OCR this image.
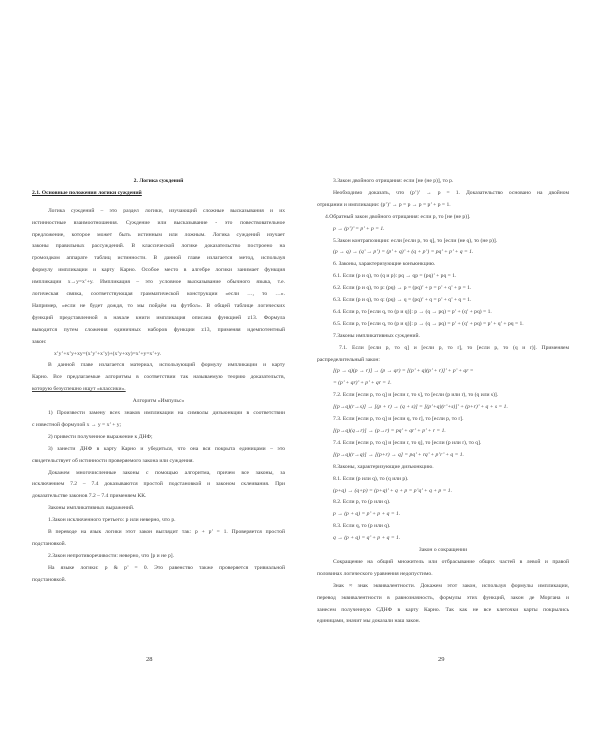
2. Логика суждений
2.1. Основные положения логики суждений
Логика суждений – это раздел логики, изучающий сложные высказывания и их
истинностные взаимоотношения. Суждение или высказывание - это повествовательное
предложение, которое может быть истинным или ложным. Логика суждений изучает
законы правильных рассуждений. В классической логике доказательство построено на
громоздком аппарате таблиц истинности. В данной главе излагается метод, используя
формулу импликации и карту Карно. Особое место в алгебре логики занимает функция
импликации x→y=x’+y. Импликация – это условное высказывание обычного языка, т.е.
логическая связка, соответствующая грамматической конструкции «если …, то …».
Например, «если не будет дождя, то мы пойдём на футбол». В общей таблице логических
функций представленной в начале книги импликация описана функцией z13. Формула
выводится путем сложения единичных наборов функции z13, применяя идемпотентный
закон:
x’y’+x’y+xy=(x’y’+x’y)+(x’y+xy)=x’+y=x’+y.
В данной главе излагается материал, использующий формулу импликации и карту
Карно. Все предлагаемые алгоритмы в соответствии так называемую теорию доказательств,
которую безуспешно ищут «классики».
Алгоритм «Импульс»
1) Произвести замену всех знаков импликации на символы дизъюнкции в соответствии
с известной формулой x → y = x’ + y;
2) привести полученное выражение к ДНФ;
3) занести ДНФ в карту Карно и убедиться, что она вся покрыта единицами – это
свидетельствует об истинности проверяемого закона или суждения.
Докажем многочисленные законы с помощью алгоритма, причем все законы, за
исключением 7.2 – 7.4 доказываются простой подстановкой и законом склеивания. При
доказательстве законов 7.2 – 7.4 применяем КК.
Законы импликативных выражений.
1.Закон исключенного третьего: p или неверно, что p.
В переводе на язык логики этот закон выглядит так: p + p’ = 1. Проверяется простой
подстановкой.
2.Закон непротиворечивости: неверно, что [p и не p].
На языке логики: p & p’ = 0. Это равенство также проверяется тривиальной
подстановкой.
28
3.Закон двойного отрицания: если [не (не p)], то p.
Необходимо доказать, что (p’)’ → p = 1. Доказательство основано на двойном
отрицании и импликации: (p’)’ → p = p → p = p’ + p = 1.
4.Обратный закон двойного отрицания: если p, то [не (не p)].
p → (p’)’ = p’ + p = 1.
5.Закон контрапозиции: если [если p, то q], то [если (не q), то (не p)].
(p → q) → (q’ → p’) = (p’ + q)’ + (q + p’) = pq’ + p’ + q = 1.
6. Законы, характеризующие конъюнкцию.
6.1. Если (p и q), то (q и p): pq → qp = (pq)’ + pq = 1.
6.2. Если (p и q), то p: (pq) → p = (pq)’ + p = p’ + q’ + p = 1.
6.3. Если (p и q), то q: (pq) → q = (pq)’ + q = p’ + q’ + q = 1.
6.4. Если p, то [если q, то (p и q)]: p → (q → pq) = p’ + (q’ + pq) = 1.
6.5. Если p, то [если q, то (p и q)]: p → (q → pq) = p’ + (q’ + pq) = p’ + q’ + pq = 1.
7.Законы импликативных суждений.
7.1. Если [если p, то q] и [если p, то r], то [если p, то (q и r)]. Применяем
распределительный закон:
[(p → q)(p → r)] → (p → qr) = [(p’ + q)(p’ + r)]’ + p’ + qr =
= (p’ + qr)’ + p’ + qr = 1.
7.2. Если [если p, то q] и [если r, то s], то [если (p или r), то (q или s)].
[(p→q)(r→s)] → [(p + r) → (q + s)] = [(p’+q)(r’+s)]’ + (p+r)’ + q + s = 1.
7.3. Если [если p, то q] и [если q, то r], то [если p, то r].
[(p→q)(q→r)] → (p→r) = pq’ + qr’ + p’ + r = 1.
7.4. Если [если p, то q] и [если r, то q], то [если (p или r), то q].
[(p→q)(r→q)] → [(p+r) → q] = pq’ + rq’ + p’r’ + q = 1.
8.Законы, характеризующие дизъюнкцию.
8.1. Если (p или q), то (q или p).
(p+q) → (q+p) = (p+q)’ + q + p = p’q’ + q + p = 1.
8.2. Если p, то (p или q).
p → (p + q) = p’ + p + q = 1.
8.3. Если q, то (p или q).
q → (p + q) = q’ + p + q = 1.
Закон о сокращении
Сокращение на общий множитель или отбрасывание общих частей в левой и правой
половинах логического уравнения недопустимо.
Знак ≈ знак эквивалентности. Докажем этот закон, используя формулы импликации,
перевод эквивалентности в равнозначность, формулы этих функций, закон де Моргана и
занесем полученную СДНФ в карту Карно. Так как не все клеточки карты покрылись
единицами, значит мы доказали наш закон.
29
